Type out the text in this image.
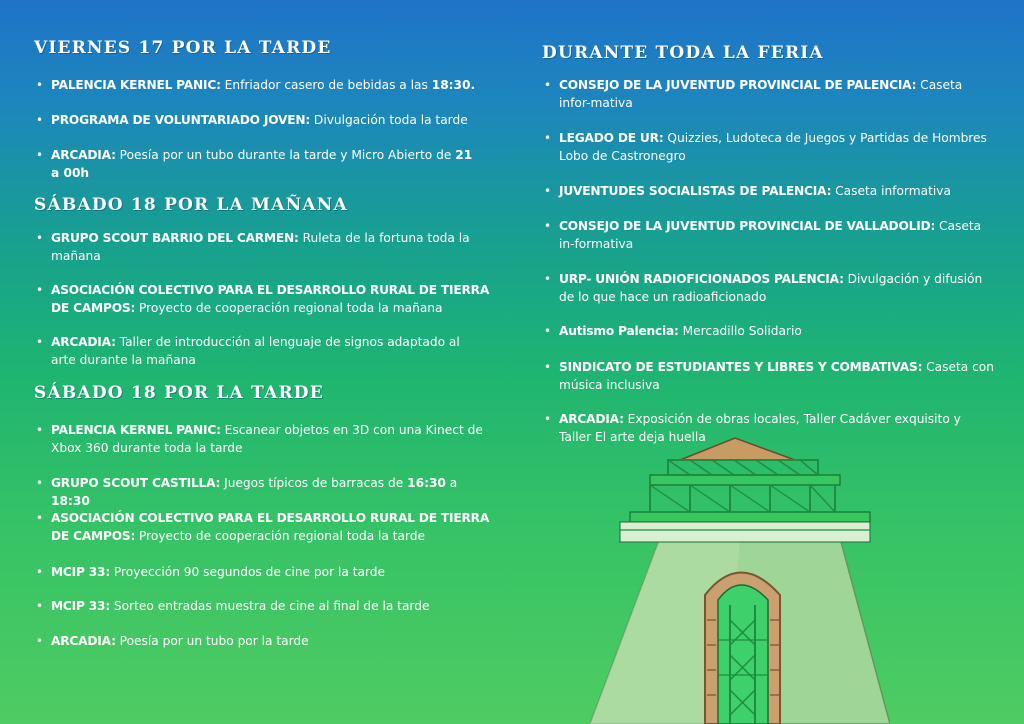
VIERNES 17 POR LA TARDE
• PALENCIA KERNEL PANIC: Enfriador casero de bebidas a las 18:30.
• PROGRAMA DE VOLUNTARIADO JOVEN: Divulgación toda la tarde
• ARCADIA: Poesía por un tubo durante la tarde y Micro Abierto de 21 a 00h
SÁBADO 18 POR LA MAÑANA
• GRUPO SCOUT BARRIO DEL CARMEN: Ruleta de la fortuna toda la mañana
• ASOCIACIÓN COLECTIVO PARA EL DESARROLLO RURAL DE TIERRA DE CAMPOS: Proyecto de cooperación regional toda la mañana
• ARCADIA: Taller de introducción al lenguaje de signos adaptado al arte durante la mañana
SÁBADO 18 POR LA TARDE
• PALENCIA KERNEL PANIC: Escanear objetos en 3D con una Kinect de Xbox 360 durante toda la tarde
• GRUPO SCOUT CASTILLA: Juegos típicos de barracas de 16:30 a 18:30
• ASOCIACIÓN COLECTIVO PARA EL DESARROLLO RURAL DE TIERRA DE CAMPOS: Proyecto de cooperación regional toda la tarde
• MCIP 33: Proyección 90 segundos de cine por la tarde
• MCIP 33: Sorteo entradas muestra de cine al final de la tarde
• ARCADIA: Poesía por un tubo por la tarde
DURANTE TODA LA FERIA
• CONSEJO DE LA JUVENTUD PROVINCIAL DE PALENCIA: Caseta infor-mativa
• LEGADO DE UR: Quizzies, Ludoteca de Juegos y Partidas de Hombres Lobo de Castronegro
• JUVENTUDES SOCIALISTAS DE PALENCIA: Caseta informativa
• CONSEJO DE LA JUVENTUD PROVINCIAL DE VALLADOLID: Caseta in-formativa
• URP- UNIÓN RADIOFICIONADOS PALENCIA: Divulgación y difusión de lo que hace un radioaficionado
• Autismo Palencia: Mercadillo Solidario
• SINDICATO DE ESTUDIANTES Y LIBRES Y COMBATIVAS: Caseta con música inclusiva
• ARCADIA: Exposición de obras locales, Taller Cadáver exquisito y Taller El arte deja huella
